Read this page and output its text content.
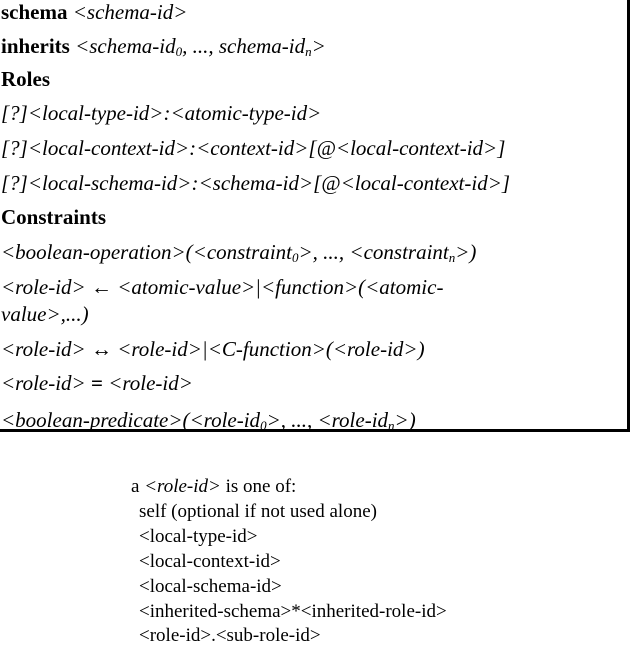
schema <schema-id>
inherits $<schema-id_0$, ..., schema-$id_n>$
Roles
[?]<local-type-id>:<atomic-type-id>
[?]<local-context-id>:<context-id>[@<local-context-id>]
[?]<local-schema-id>:<schema-id>[@<local-context-id>]
Constraints
<boolean-operation>(<constraint$_0$>, ..., <constraint$_n$>)
<role-id> ← <atomic-value>|<function>(<atomic-
value>,...)
<role-id> ↔ <role-id>|<C-function>(<role-id>)
<role-id> = <role-id>
$<boolean-predicate>(<role-id_0>$, ..., $<role-id_n>$)
a <role-id> is one of:
self (optional if not used alone)
<local-type-id>
<local-context-id>
<local-schema-id>
<inherited-schema>*<inherited-role-id>
<role-id>.<sub-role-id>
